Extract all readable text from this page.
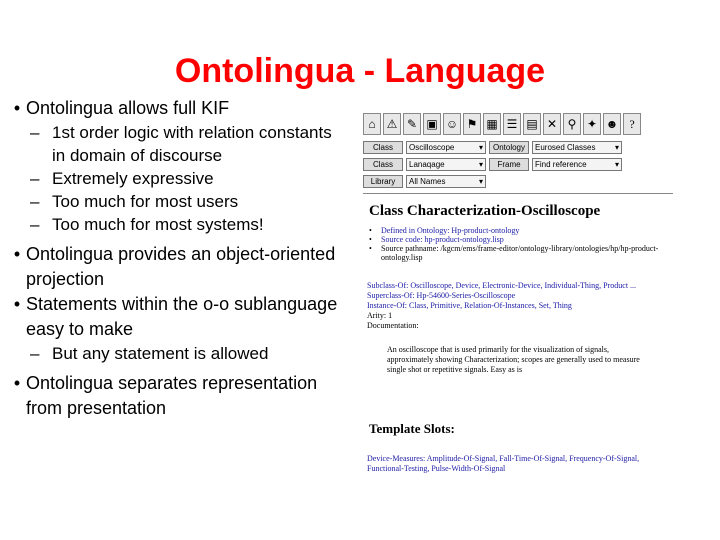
Ontolingua - Language
• Ontolingua allows full KIF
– 1st order logic with relation constants in domain of discourse
– Extremely expressive
– Too much for most users
– Too much for most systems!
• Ontolingua provides an object-oriented projection
• Statements within the o-o sublanguage easy to make
– But any statement is allowed
• Ontolingua separates representation from presentation
⌂ ⚠ ✎ ▣ ☺ ⚑ ▦ ☰ ▤ ✕ ⚲ ✦ ☻ ?
Class	Oscilloscope ▾	Ontology	Eurosed Classes ▾
Class	Lanaqage ▾	Frame	Find reference ▾
Library	All Names ▾
Class Characterization-Oscilloscope
•	Defined in Ontology: Hp-product-ontology
•	Source code: hp-product-ontology.lisp
•	Source pathname: /kgcm/ems/frame-editor/ontology-library/ontologies/hp/hp-product-ontology.lisp
Subclass-Of: Oscilloscope, Device, Electronic-Device, Individual-Thing, Product ...
Superclass-Of: Hp-54600-Series-Oscilloscope
Instance-Of: Class, Primitive, Relation-Of-Instances, Set, Thing
Arity: 1
Documentation:
An oscilloscope that is used primarily for the visualization of signals, approximately showing Characterization; scopes are generally used to measure single shot or repetitive signals. Easy as is
Template Slots:
Device-Measures: Amplitude-Of-Signal, Fall-Time-Of-Signal, Frequency-Of-Signal, Functional-Testing, Pulse-Width-Of-Signal
